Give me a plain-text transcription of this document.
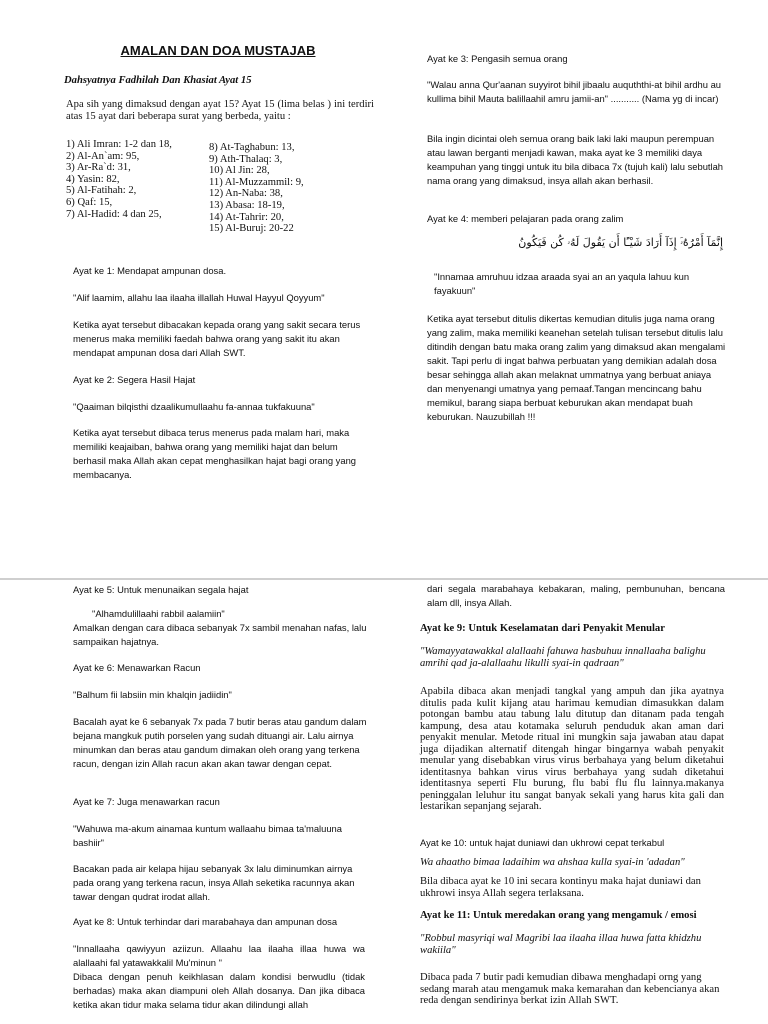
AMALAN DAN DOA MUSTAJAB
Dahsyatnya Fadhilah Dan Khasiat Ayat 15

Apa sih yang dimaksud dengan ayat 15? Ayat 15 (lima belas ) ini terdiri atas 15 ayat dari beberapa surat yang berbeda, yaitu :

1) Ali Imran: 1-2 dan 18,
2) Al-An`am: 95,
3) Ar-Ra`d: 31,
4) Yasin: 82,
5) Al-Fatihah: 2,
6) Qaf: 15,
7) Al-Hadid: 4 dan 25,
8) At-Taghabun: 13,
9) Ath-Thalaq: 3,
10) Al Jin: 28,
11) Al-Muzzammil: 9,
12) An-Naba: 38,
13) Abasa: 18-19,
14) At-Tahrir: 20,
15) Al-Buruj: 20-22
Ayat ke 1: Mendapat ampunan dosa.
"Alif laamim, allahu laa ilaaha illallah Huwal Hayyul Qoyyum"

Ketika ayat tersebut dibacakan kepada orang yang sakit secara terus menerus maka memiliki faedah bahwa orang yang sakit itu akan mendapat ampunan dosa dari Allah SWT.

Ayat ke 2: Segera Hasil Hajat
"Qaaiman bilqisthi dzaalikumullaahu fa-annaa tukfakuuna"

Ketika ayat tersebut dibaca terus menerus pada malam hari, maka memiliki keajaiban, bahwa orang yang memiliki hajat dan belum berhasil maka Allah akan cepat menghasilkan hajat bagi orang yang membacanya.

Ayat ke 3: Pengasih semua orang

"Walau anna Qur'aanan suyyirot bihil jibaalu auquththi-at bihil ardhu au kullima bihil Mauta balillaahil amru jamii-an" ........... (Nama yg di incar)

Bila ingin dicintai oleh semua orang baik laki laki maupun perempuan atau lawan berganti menjadi kawan, maka ayat ke 3 memiliki daya keampuhan yang tinggi untuk itu bila dibaca 7x (tujuh kali) lalu sebutlah nama orang yang dimaksud, insya allah akan berhasil.

Ayat ke 4: memberi pelajaran pada orang zalim
إِنَّمَآ أَمْرُهُۥٓ إِذَآ أَرَادَ شَيْـًٔا أَن يَقُولَ لَهُۥ كُن فَيَكُونُ

"Innamaa amruhuu idzaa araada syai an an yaqula lahuu kun fayakuun"

Ketika ayat tersebut ditulis dikertas kemudian ditulis juga nama orang yang zalim, maka memiliki keanehan setelah tulisan tersebut ditulis lalu ditindih dengan batu maka orang zalim yang dimaksud akan mengalami sakit. Tapi perlu di ingat bahwa perbuatan yang demikian adalah dosa besar sehingga allah akan melaknat ummatnya yang berbuat aniaya dan menyenangi umatnya yang pemaaf.Tangan mencincang bahu memikul, barang siapa berbuat keburukan akan mendapat buah keburukan. Nauzubillah !!!

Ayat ke 5: Untuk menunaikan segala hajat
"Alhamdulillaahi rabbil aalamiin"

Amalkan dengan cara dibaca sebanyak 7x sambil menahan nafas, lalu sampaikan hajatnya.

Ayat ke 6: Menawarkan Racun
"Balhum fii labsiin min khalqin jadiidin"

Bacalah ayat ke 6 sebanyak 7x pada 7 butir beras atau gandum dalam bejana mangkuk putih porselen yang sudah dituangi air. Lalu airnya minumkan dan beras atau gandum dimakan oleh orang yang terkena racun, dengan izin Allah racun akan akan tawar dengan cepat.

Ayat ke 7: Juga menawarkan racun

"Wahuwa ma-akum ainamaa kuntum wallaahu bimaa ta'maluuna bashiir"

Bacakan pada air kelapa hijau sebanyak 3x lalu diminumkan airnya pada orang yang terkena racun, insya Allah seketika racunnya akan tawar dengan qudrat irodat allah.

Ayat ke 8: Untuk terhindar dari marabahaya dan ampunan dosa

"Innallaaha qawiyyun aziizun. Allaahu laa ilaaha illaa huwa wa alallaahi fal yatawakkalil Mu'minun "

Dibaca dengan penuh keikhlasan dalam kondisi berwudlu (tidak berhadas) maka akan diampuni oleh Allah dosanya. Dan jika dibaca ketika akan tidur maka selama tidur akan dilindungi allah

dari segala marabahaya kebakaran, maling, pembunuhan, bencana alam dll, insya Allah.

Ayat ke 9: Untuk Keselamatan dari Penyakit Menular

"Wamayyatawakkal alallaahi fahuwa hasbuhuu innallaaha balighu amrihi qad ja-alallaahu likulli syai-in qadraan"

Apabila dibaca akan menjadi tangkal yang ampuh dan jika ayatnya ditulis pada kulit kijang atau harimau kemudian dimasukkan dalam potongan bambu atau tabung lalu ditutup dan ditanam pada tengah kampung, desa atau kotamaka seluruh penduduk akan aman dari penyakit menular. Metode ritual ini mungkin saja jawaban atau dapat juga dijadikan alternatif ditengah hingar bingarnya wabah penyakit menular yang disebabkan virus virus berbahaya yang belum diketahui identitasnya bahkan virus virus berbahaya yang sudah diketahui identitasnya seperti Flu burung, flu babi flu flu lainnya.makanya peninggalan leluhur itu sangat banyak sekali yang harus kita gali dan lestarikan sepanjang sejarah.

Ayat ke 10: untuk hajat duniawi dan ukhrowi cepat terkabul
Wa ahaatho bimaa ladaihim wa ahshaa kulla syai-in 'adadan"

Bila dibaca ayat ke 10 ini secara kontinyu maka hajat duniawi dan ukhrowi insya Allah segera terlaksana.

Ayat ke 11: Untuk meredakan orang yang mengamuk / emosi

"Robbul masyriqi wal Magribi laa ilaaha illaa huwa fatta khidzhu wakiila"

Dibaca pada 7 butir padi kemudian dibawa menghadapi orng yang sedang marah atau mengamuk maka kemarahan dan kebencianya akan reda dengan sendirinya berkat izin Allah SWT.
